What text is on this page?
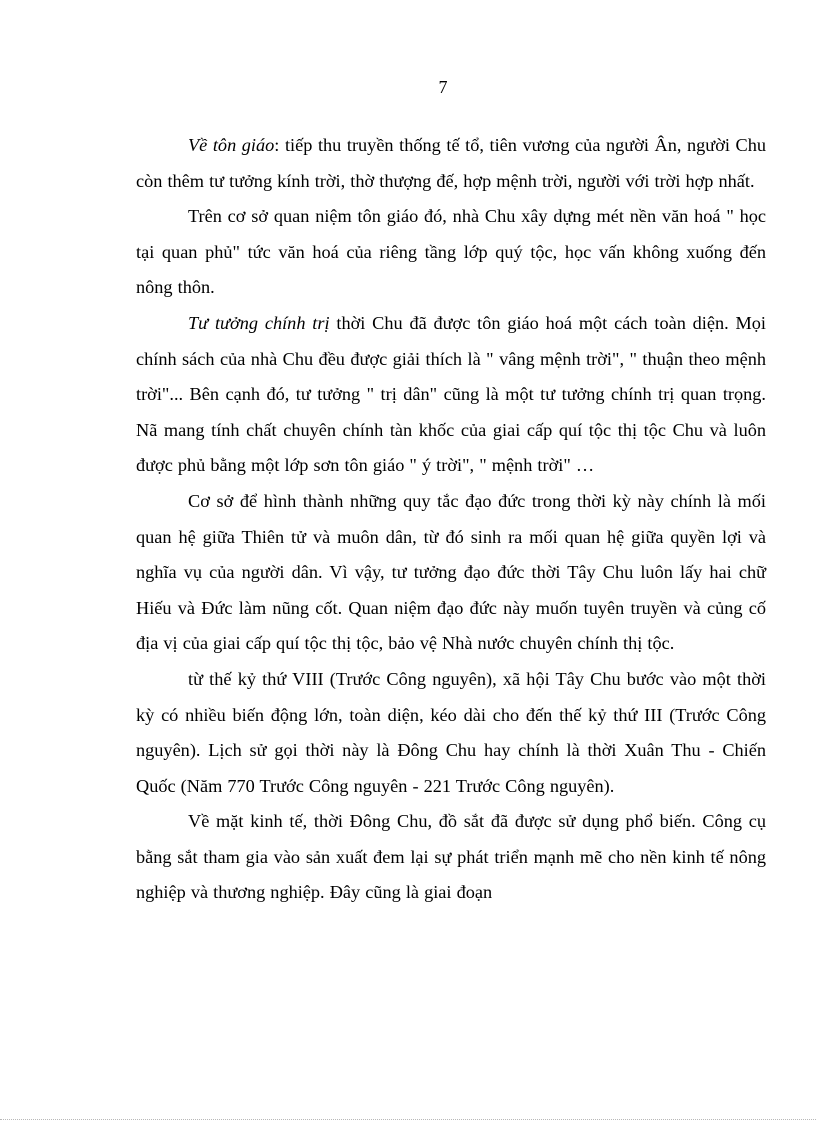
7

Về tôn giáo: tiếp thu truyền thống tế tổ, tiên vương của người Ân, người Chu còn thêm tư tưởng kính trời, thờ thượng đế, hợp mệnh trời, người với trời hợp nhất.

Trên cơ sở quan niệm tôn giáo đó, nhà Chu xây dựng mét nền văn hoá " học tại quan phủ" tức văn hoá của riêng tầng lớp quý tộc, học vấn không xuống đến nông thôn.

Tư tưởng chính trị thời Chu đã được tôn giáo hoá một cách toàn diện. Mọi chính sách của nhà Chu đều được giải thích là " vâng mệnh trời", " thuận theo mệnh trời"... Bên cạnh đó, tư tưởng " trị dân" cũng là một tư tưởng chính trị quan trọng. Nã mang tính chất chuyên chính tàn khốc của giai cấp quí tộc thị tộc Chu và luôn được phủ bằng một lớp sơn tôn giáo " ý trời", " mệnh trời" …

Cơ sở để hình thành những quy tắc đạo đức trong thời kỳ này chính là mối quan hệ giữa Thiên tử và muôn dân, từ đó sinh ra mối quan hệ giữa quyền lợi và nghĩa vụ của người dân. Vì vậy, tư tưởng đạo đức thời Tây Chu luôn lấy hai chữ Hiếu và Đức làm nũng cốt. Quan niệm đạo đức này muốn tuyên truyền và củng cố địa vị của giai cấp quí tộc thị tộc, bảo vệ Nhà nước chuyên chính thị tộc.

từ thế kỷ thứ VIII (Trước Công nguyên), xã hội Tây Chu bước vào một thời kỳ có nhiều biến động lớn, toàn diện, kéo dài cho đến thế kỷ thứ III (Trước Công nguyên). Lịch sử gọi thời này là Đông Chu hay chính là thời Xuân Thu - Chiến Quốc (Năm 770 Trước Công nguyên - 221 Trước Công nguyên).

Về mặt kinh tế, thời Đông Chu, đồ sắt đã được sử dụng phổ biến. Công cụ bằng sắt tham gia vào sản xuất đem lại sự phát triển mạnh mẽ cho nền kinh tế nông nghiệp và thương nghiệp. Đây cũng là giai đoạn
